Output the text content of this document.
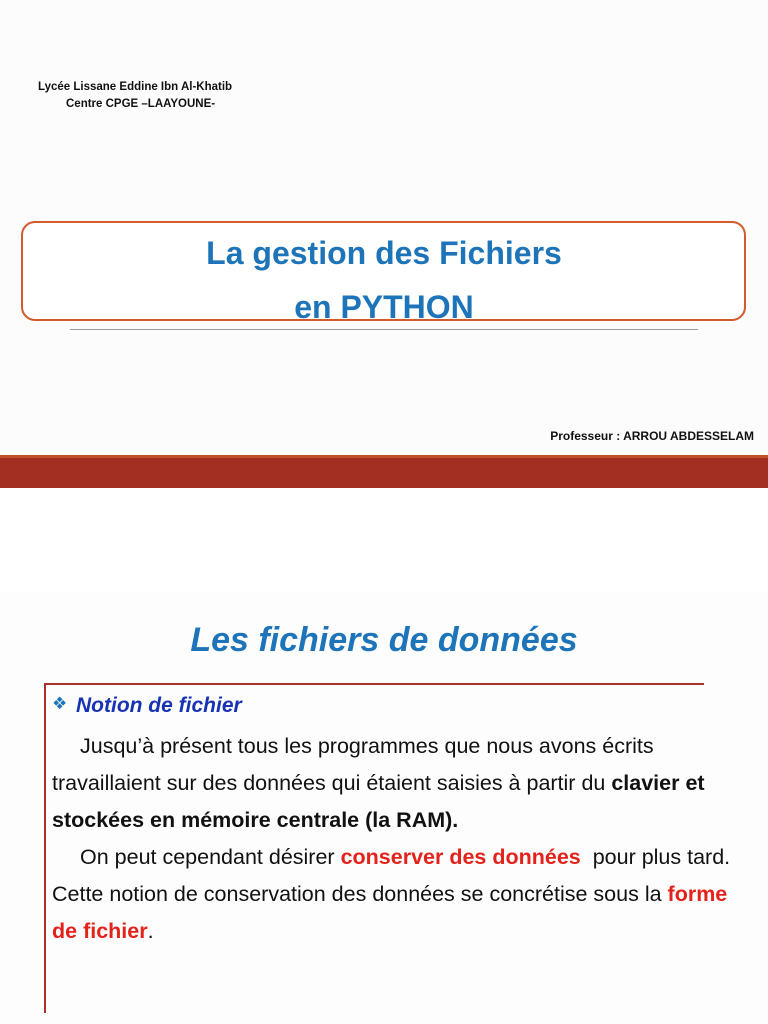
Lycée Lissane Eddine Ibn Al-Khatib
Centre CPGE –LAAYOUNE-
La gestion des Fichiers
en PYTHON
Professeur : ARROU ABDESSELAM
Les fichiers de données
❖ Notion de fichier
Jusqu’à présent tous les programmes que nous avons écrits travaillaient sur des données qui étaient saisies à partir du clavier et stockées en mémoire centrale (la RAM).
On peut cependant désirer conserver des données  pour plus tard. Cette notion de conservation des données se concrétise sous la forme de fichier.
